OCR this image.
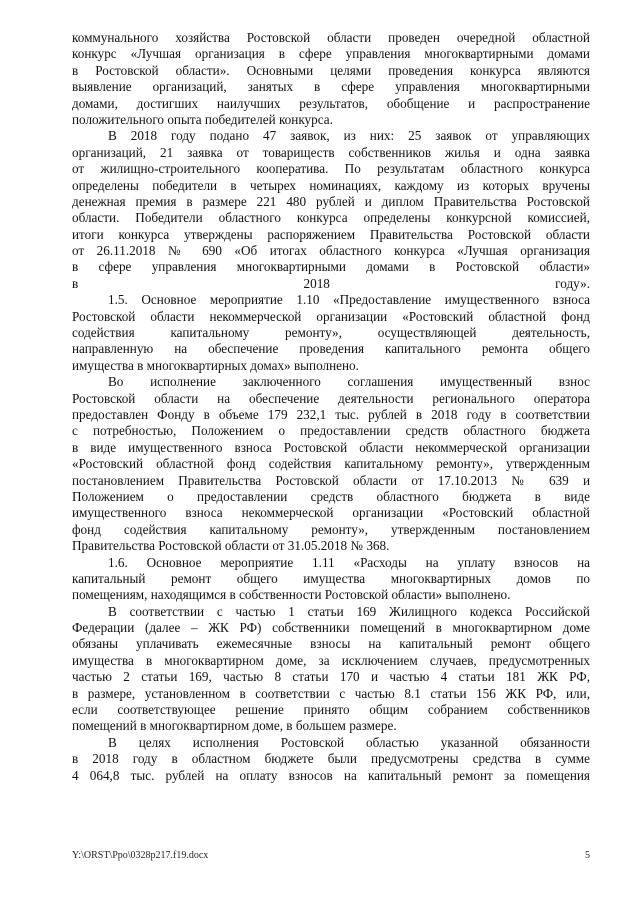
коммунального хозяйства Ростовской области проведен очередной областной
конкурс «Лучшая организация в сфере управления многоквартирными домами
в Ростовской области». Основными целями проведения конкурса являются
выявление организаций, занятых в сфере управления многоквартирными
домами, достигших наилучших результатов, обобщение и распространение
положительного опыта победителей конкурса.
В 2018 году подано 47 заявок, из них: 25 заявок от управляющих
организаций, 21 заявка от товариществ собственников жилья и одна заявка
от жилищно-строительного кооператива. По результатам областного конкурса
определены победители в четырех номинациях, каждому из которых вручены
денежная премия в размере 221 480 рублей и диплом Правительства Ростовской
области. Победители областного конкурса определены конкурсной комиссией,
итоги конкурса утверждены распоряжением Правительства Ростовской области
от 26.11.2018 № 690 «Об итогах областного конкурса «Лучшая организация
в сфере управления многоквартирными домами в Ростовской области»
в 2018 году».
1.5. Основное мероприятие 1.10 «Предоставление имущественного взноса
Ростовской области некоммерческой организации «Ростовский областной фонд
содействия капитальному ремонту», осуществляющей деятельность,
направленную на обеспечение проведения капитального ремонта общего
имущества в многоквартирных домах» выполнено.
Во исполнение заключенного соглашения имущественный взнос
Ростовской области на обеспечение деятельности регионального оператора
предоставлен Фонду в объеме 179 232,1 тыс. рублей в 2018 году в соответствии
с потребностью, Положением о предоставлении средств областного бюджета
в виде имущественного взноса Ростовской области некоммерческой организации
«Ростовский областной фонд содействия капитальному ремонту», утвержденным
постановлением Правительства Ростовской области от 17.10.2013 № 639 и
Положением о предоставлении средств областного бюджета в виде
имущественного взноса некоммерческой организации «Ростовский областной
фонд содействия капитальному ремонту», утвержденным постановлением
Правительства Ростовской области от 31.05.2018 № 368.
1.6. Основное мероприятие 1.11 «Расходы на уплату взносов на
капитальный ремонт общего имущества многоквартирных домов по
помещениям, находящимся в собственности Ростовской области» выполнено.
В соответствии с частью 1 статьи 169 Жилищного кодекса Российской
Федерации (далее – ЖК РФ) собственники помещений в многоквартирном доме
обязаны уплачивать ежемесячные взносы на капитальный ремонт общего
имущества в многоквартирном доме, за исключением случаев, предусмотренных
частью 2 статьи 169, частью 8 статьи 170 и частью 4 статьи 181 ЖК РФ,
в размере, установленном в соответствии с частью 8.1 статьи 156 ЖК РФ, или,
если соответствующее решение принято общим собранием собственников
помещений в многоквартирном доме, в большем размере.
В целях исполнения Ростовской областью указанной обязанности
в 2018 году в областном бюджете были предусмотрены средства в сумме
4 064,8 тыс. рублей на оплату взносов на капитальный ремонт за помещения
Y:\ORST\Ppo\0328p217.f19.docx	5
